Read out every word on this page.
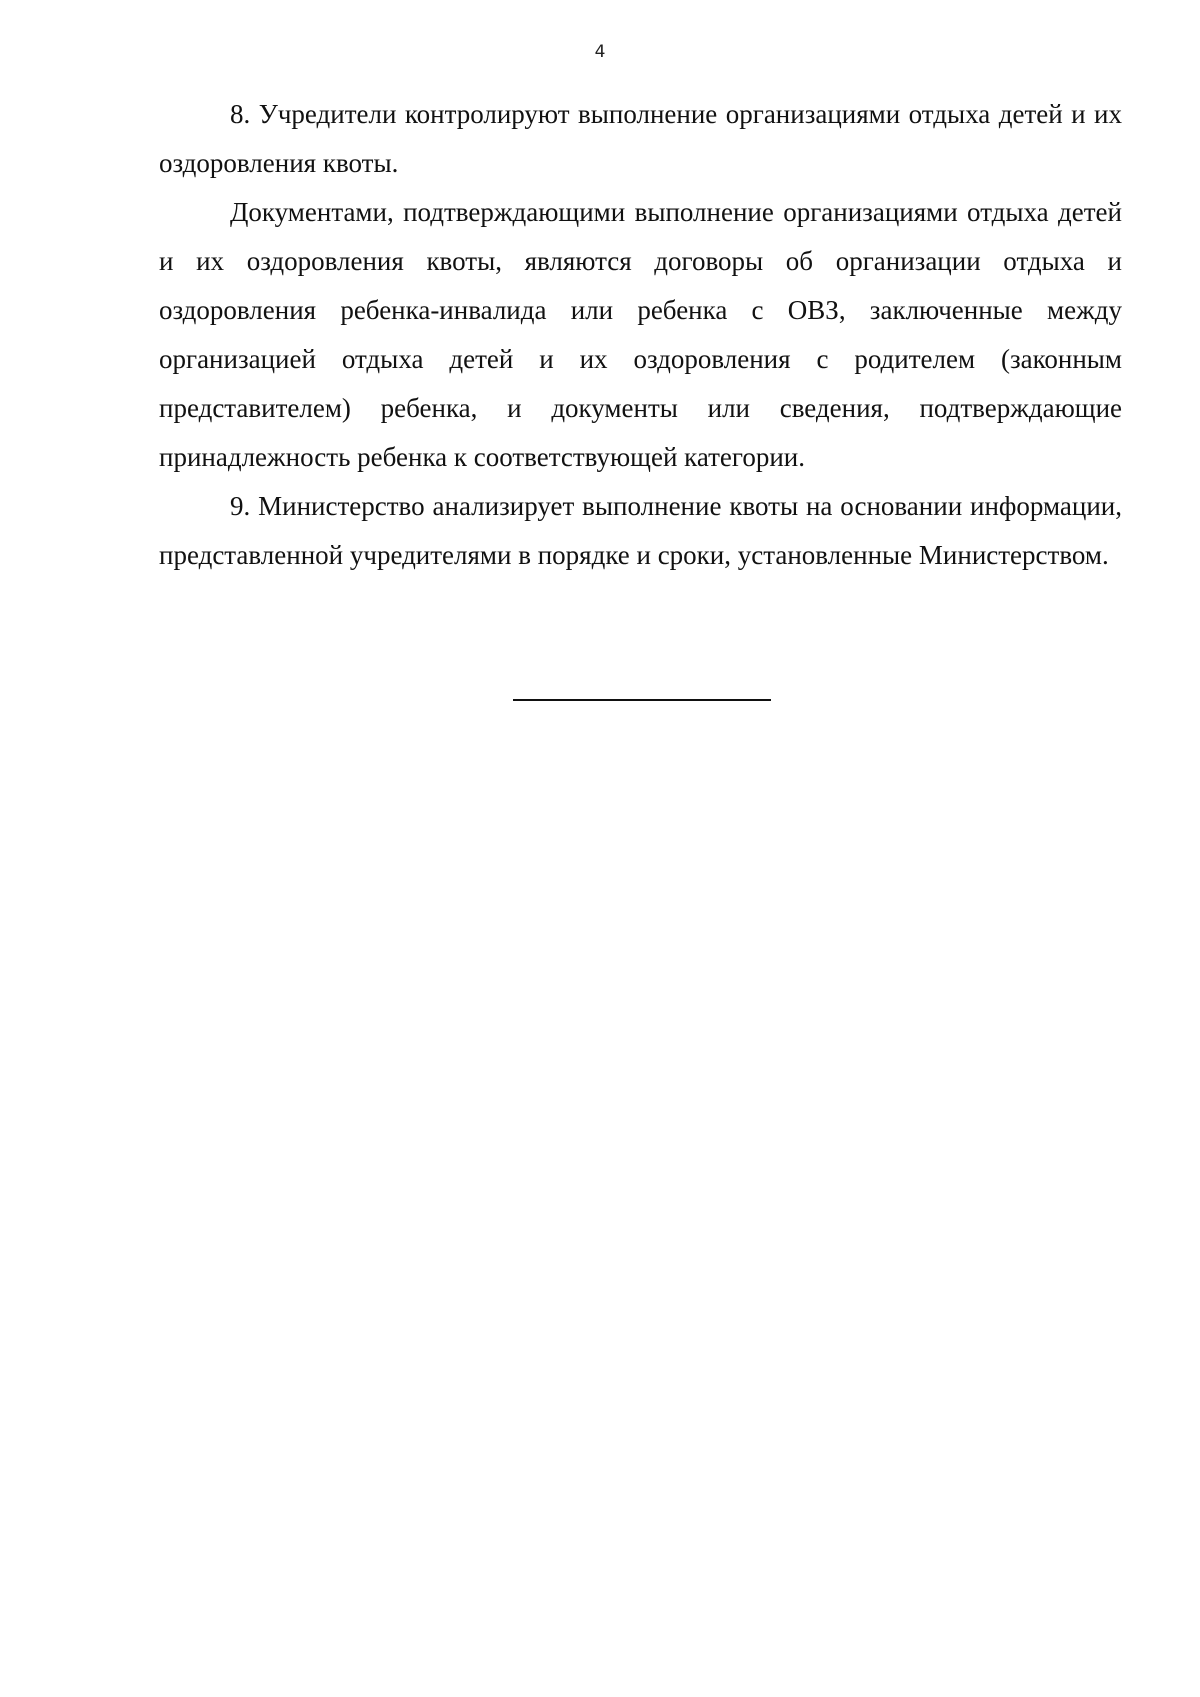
4

8. Учредители контролируют выполнение организациями отдыха детей и их оздоровления квоты.

Документами, подтверждающими выполнение организациями отдыха детей и их оздоровления квоты, являются договоры об организации отдыха и оздоровления ребенка-инвалида или ребенка с ОВЗ, заключенные между организацией отдыха детей и их оздоровления с родителем (законным представителем) ребенка, и документы или сведения, подтверждающие принадлежность ребенка к соответствующей категории.

9. Министерство анализирует выполнение квоты на основании информации, представленной учредителями в порядке и сроки, установленные Министерством.
